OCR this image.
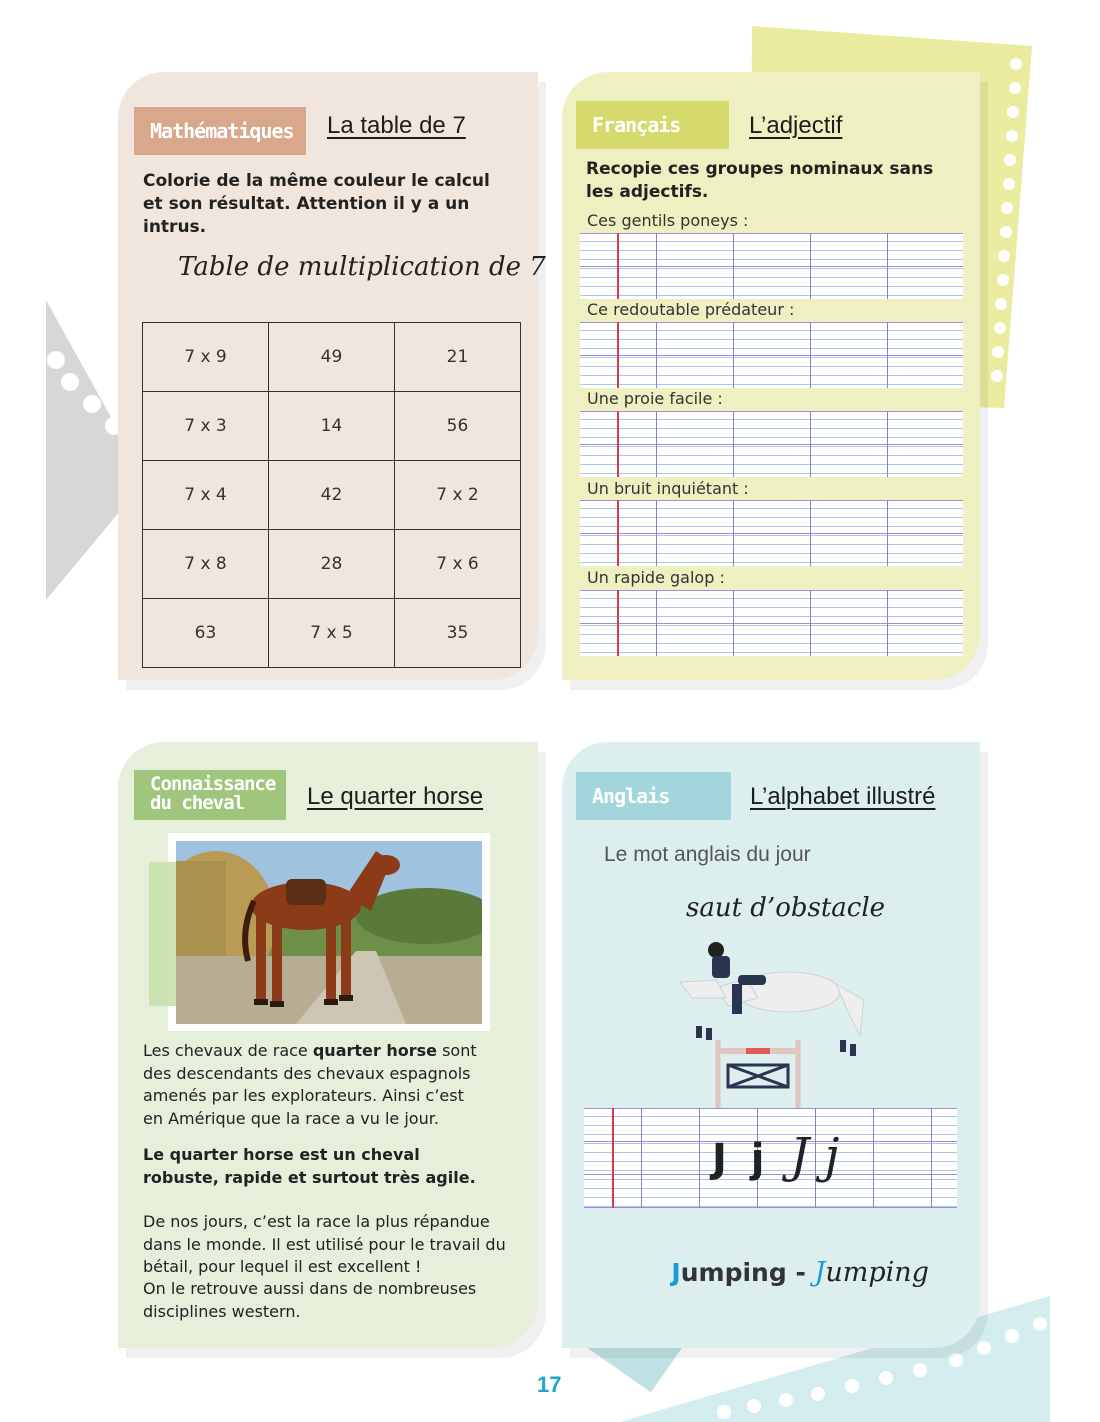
Mathématiques	La table de 7
Colorie de la même couleur le calcul et son résultat. Attention il y a un intrus.
Table de multiplication de 7
7 x 9	49	21
7 x 3	14	56
7 x 4	42	7 x 2
7 x 8	28	7 x 6
63	7 x 5	35
Français	L’adjectif
Recopie ces groupes nominaux sans les adjectifs.
Ces gentils poneys :
Ce redoutable prédateur :
Une proie facile :
Un bruit inquiétant :
Un rapide galop :
Connaissance
du cheval	Le quarter horse
Les chevaux de race quarter horse sont des descendants des chevaux espagnols amenés par les explorateurs. Ainsi c’est en Amérique que la race a vu le jour.
Le quarter horse est un cheval robuste, rapide et surtout très agile.
De nos jours, c’est la race la plus répandue dans le monde. Il est utilisé pour le travail du bétail, pour lequel il est excellent !
On le retrouve aussi dans de nombreuses disciplines western.
Anglais	L’alphabet illustré
Le mot anglais du jour
saut d’obstacle
J j J j

Jumping - Jumping

17
